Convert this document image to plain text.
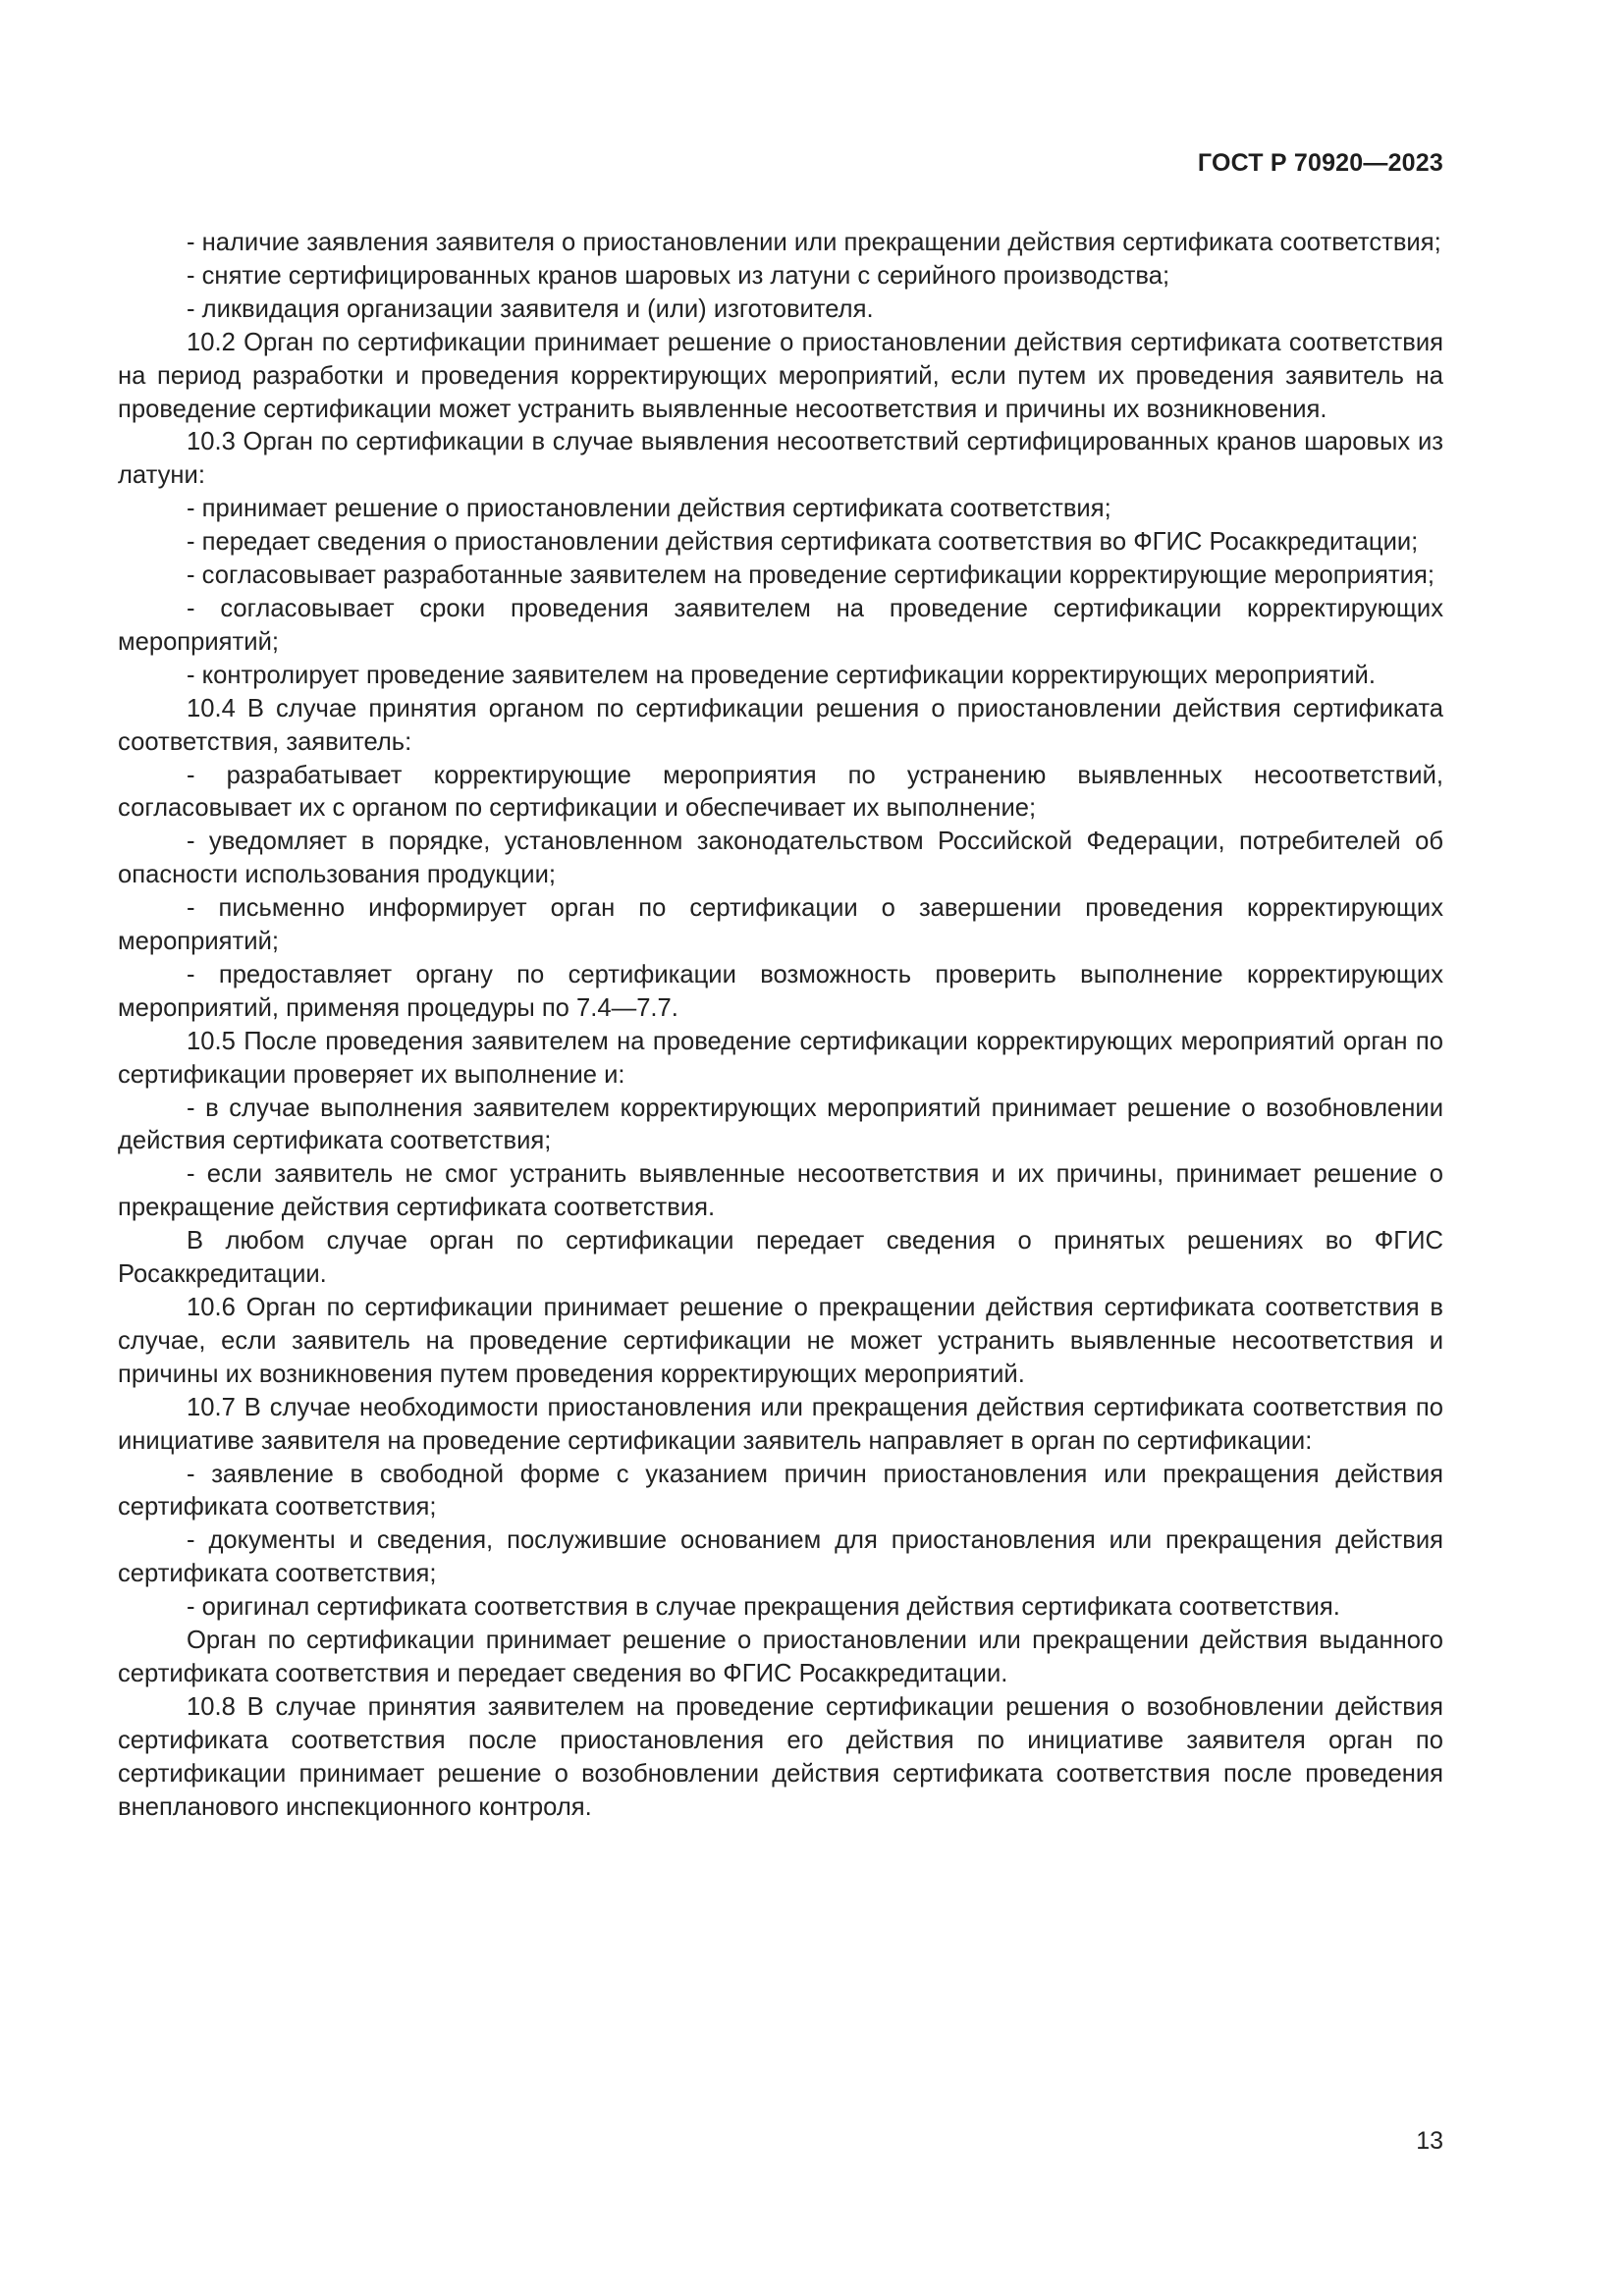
ГОСТ Р 70920—2023

- наличие заявления заявителя о приостановлении или прекращении действия сертификата соответствия;

- снятие сертифицированных кранов шаровых из латуни с серийного производства;

- ликвидация организации заявителя и (или) изготовителя.

10.2 Орган по сертификации принимает решение о приостановлении действия сертификата соответствия на период разработки и проведения корректирующих мероприятий, если путем их проведения заявитель на проведение сертификации может устранить выявленные несоответствия и причины их возникновения.

10.3 Орган по сертификации в случае выявления несоответствий сертифицированных кранов шаровых из латуни:

- принимает решение о приостановлении действия сертификата соответствия;

- передает сведения о приостановлении действия сертификата соответствия во ФГИС Росаккредитации;

- согласовывает разработанные заявителем на проведение сертификации корректирующие мероприятия;

- согласовывает сроки проведения заявителем на проведение сертификации корректирующих мероприятий;

- контролирует проведение заявителем на проведение сертификации корректирующих мероприятий.

10.4 В случае принятия органом по сертификации решения о приостановлении действия сертификата соответствия, заявитель:

- разрабатывает корректирующие мероприятия по устранению выявленных несоответствий, согласовывает их с органом по сертификации и обеспечивает их выполнение;

- уведомляет в порядке, установленном законодательством Российской Федерации, потребителей об опасности использования продукции;

- письменно информирует орган по сертификации о завершении проведения корректирующих мероприятий;

- предоставляет органу по сертификации возможность проверить выполнение корректирующих мероприятий, применяя процедуры по 7.4—7.7.

10.5 После проведения заявителем на проведение сертификации корректирующих мероприятий орган по сертификации проверяет их выполнение и:

- в случае выполнения заявителем корректирующих мероприятий принимает решение о возобновлении действия сертификата соответствия;

- если заявитель не смог устранить выявленные несоответствия и их причины, принимает решение о прекращение действия сертификата соответствия.

В любом случае орган по сертификации передает сведения о принятых решениях во ФГИС Росаккредитации.

10.6 Орган по сертификации принимает решение о прекращении действия сертификата соответствия в случае, если заявитель на проведение сертификации не может устранить выявленные несоответствия и причины их возникновения путем проведения корректирующих мероприятий.

10.7 В случае необходимости приостановления или прекращения действия сертификата соответствия по инициативе заявителя на проведение сертификации заявитель направляет в орган по сертификации:

- заявление в свободной форме с указанием причин приостановления или прекращения действия сертификата соответствия;

- документы и сведения, послужившие основанием для приостановления или прекращения действия сертификата соответствия;

- оригинал сертификата соответствия в случае прекращения действия сертификата соответствия.

Орган по сертификации принимает решение о приостановлении или прекращении действия выданного сертификата соответствия и передает сведения во ФГИС Росаккредитации.

10.8 В случае принятия заявителем на проведение сертификации решения о возобновлении действия сертификата соответствия после приостановления его действия по инициативе заявителя орган по сертификации принимает решение о возобновлении действия сертификата соответствия после проведения внепланового инспекционного контроля.

13
